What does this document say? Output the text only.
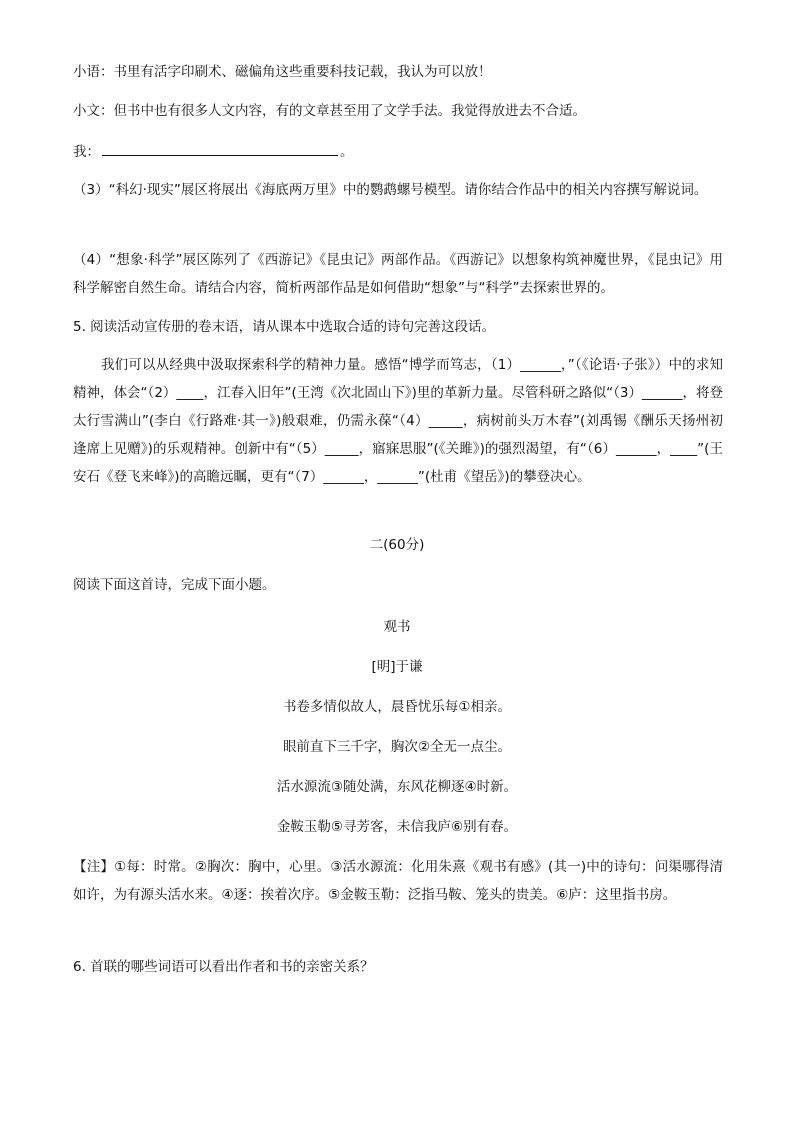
小语：书里有活字印刷术、磁偏角这些重要科技记载，我认为可以放！
小文：但书中也有很多人文内容，有的文章甚至用了文学手法。我觉得放进去不合适。
我：	。
（3）“科幻·现实”展区将展出《海底两万里》中的鹦鹉螺号模型。请你结合作品中的相关内容撰写解说词。
（4）“想象·科学”展区陈列了《西游记》《昆虫记》两部作品。《西游记》以想象构筑神魔世界，《昆虫记》用科学解密自然生命。请结合内容，简析两部作品是如何借助“想象”与“科学”去探索世界的。
5. 阅读活动宣传册的卷末语，请从课本中选取合适的诗句完善这段话。
我们可以从经典中汲取探索科学的精神力量。感悟“博学而笃志，（1）______，”（《论语·子张》）中的求知精神，体会“（2）____，江春入旧年”(王湾《次北固山下》)里的革新力量。尽管科研之路似“（3）______，将登太行雪满山”(李白《行路难·其一》)般艰难，仍需永葆“（4）_____，病树前头万木春”(刘禹锡《酬乐天扬州初逢席上见赠》)的乐观精神。创新中有“（5）_____，寤寐思服”(《关雎》)的强烈渴望，有“（6）______，____”(王安石《登飞来峰》)的高瞻远瞩，更有“（7）______，______”(杜甫《望岳》)的攀登决心。
二(60分)
阅读下面这首诗，完成下面小题。
观书
[明]于谦
书卷多情似故人，晨昏忧乐每①相亲。
眼前直下三千字，胸次②全无一点尘。
活水源流③随处满，东风花柳逐④时新。
金鞍玉勒⑤寻芳客，未信我庐⑥别有春。
【注】①每：时常。②胸次：胸中，心里。③活水源流：化用朱熹《观书有感》(其一)中的诗句：问渠哪得清如许，为有源头活水来。④逐：挨着次序。⑤金鞍玉勒：泛指马鞍、笼头的贵美。⑥庐：这里指书房。
6. 首联的哪些词语可以看出作者和书的亲密关系？
